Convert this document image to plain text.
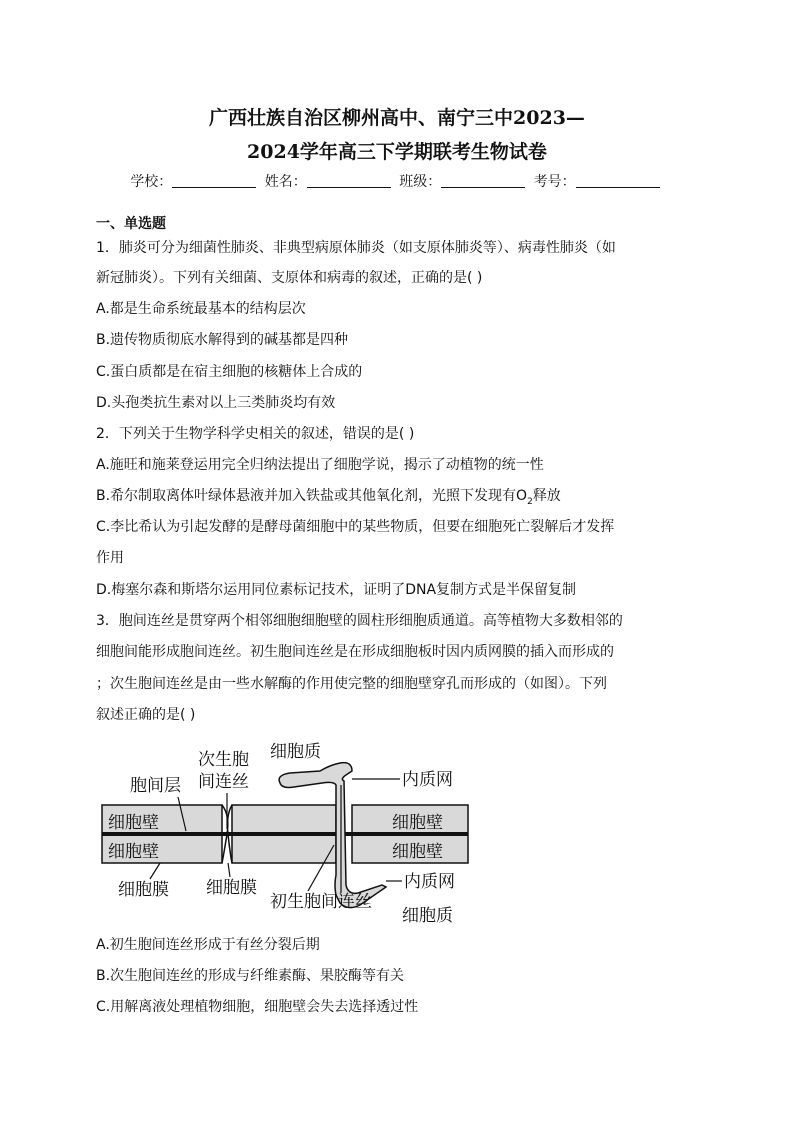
广西壮族自治区柳州高中、南宁三中2023—
2024学年高三下学期联考生物试卷
学校：	姓名：	班级：	考号：
一、单选题
1．肺炎可分为细菌性肺炎、非典型病原体肺炎（如支原体肺炎等）、病毒性肺炎（如
新冠肺炎）。下列有关细菌、支原体和病毒的叙述，正确的是( )
A.都是生命系统最基本的结构层次
B.遗传物质彻底水解得到的碱基都是四种
C.蛋白质都是在宿主细胞的核糖体上合成的
D.头孢类抗生素对以上三类肺炎均有效
2．下列关于生物学科学史相关的叙述，错误的是( )
A.施旺和施莱登运用完全归纳法提出了细胞学说，揭示了动植物的统一性
B.希尔制取离体叶绿体悬液并加入铁盐或其他氧化剂，光照下发现有$O_2$释放
C.李比希认为引起发酵的是酵母菌细胞中的某些物质，但要在细胞死亡裂解后才发挥
作用
D.梅塞尔森和斯塔尔运用同位素标记技术，证明了DNA复制方式是半保留复制
3．胞间连丝是贯穿两个相邻细胞细胞壁的圆柱形细胞质通道。高等植物大多数相邻的
细胞间能形成胞间连丝。初生胞间连丝是在形成细胞板时因内质网膜的插入而形成的
；次生胞间连丝是由一些水解酶的作用使完整的细胞壁穿孔而形成的（如图）。下列
叙述正确的是( )
细胞质
次生胞
间连丝
胞间层	内质网
细胞壁
细胞壁
细胞壁
细胞壁
细胞膜 细胞膜
初生胞间连丝
内质网
细胞质
A.初生胞间连丝形成于有丝分裂后期
B.次生胞间连丝的形成与纤维素酶、果胶酶等有关
C.用解离液处理植物细胞，细胞壁会失去选择透过性
